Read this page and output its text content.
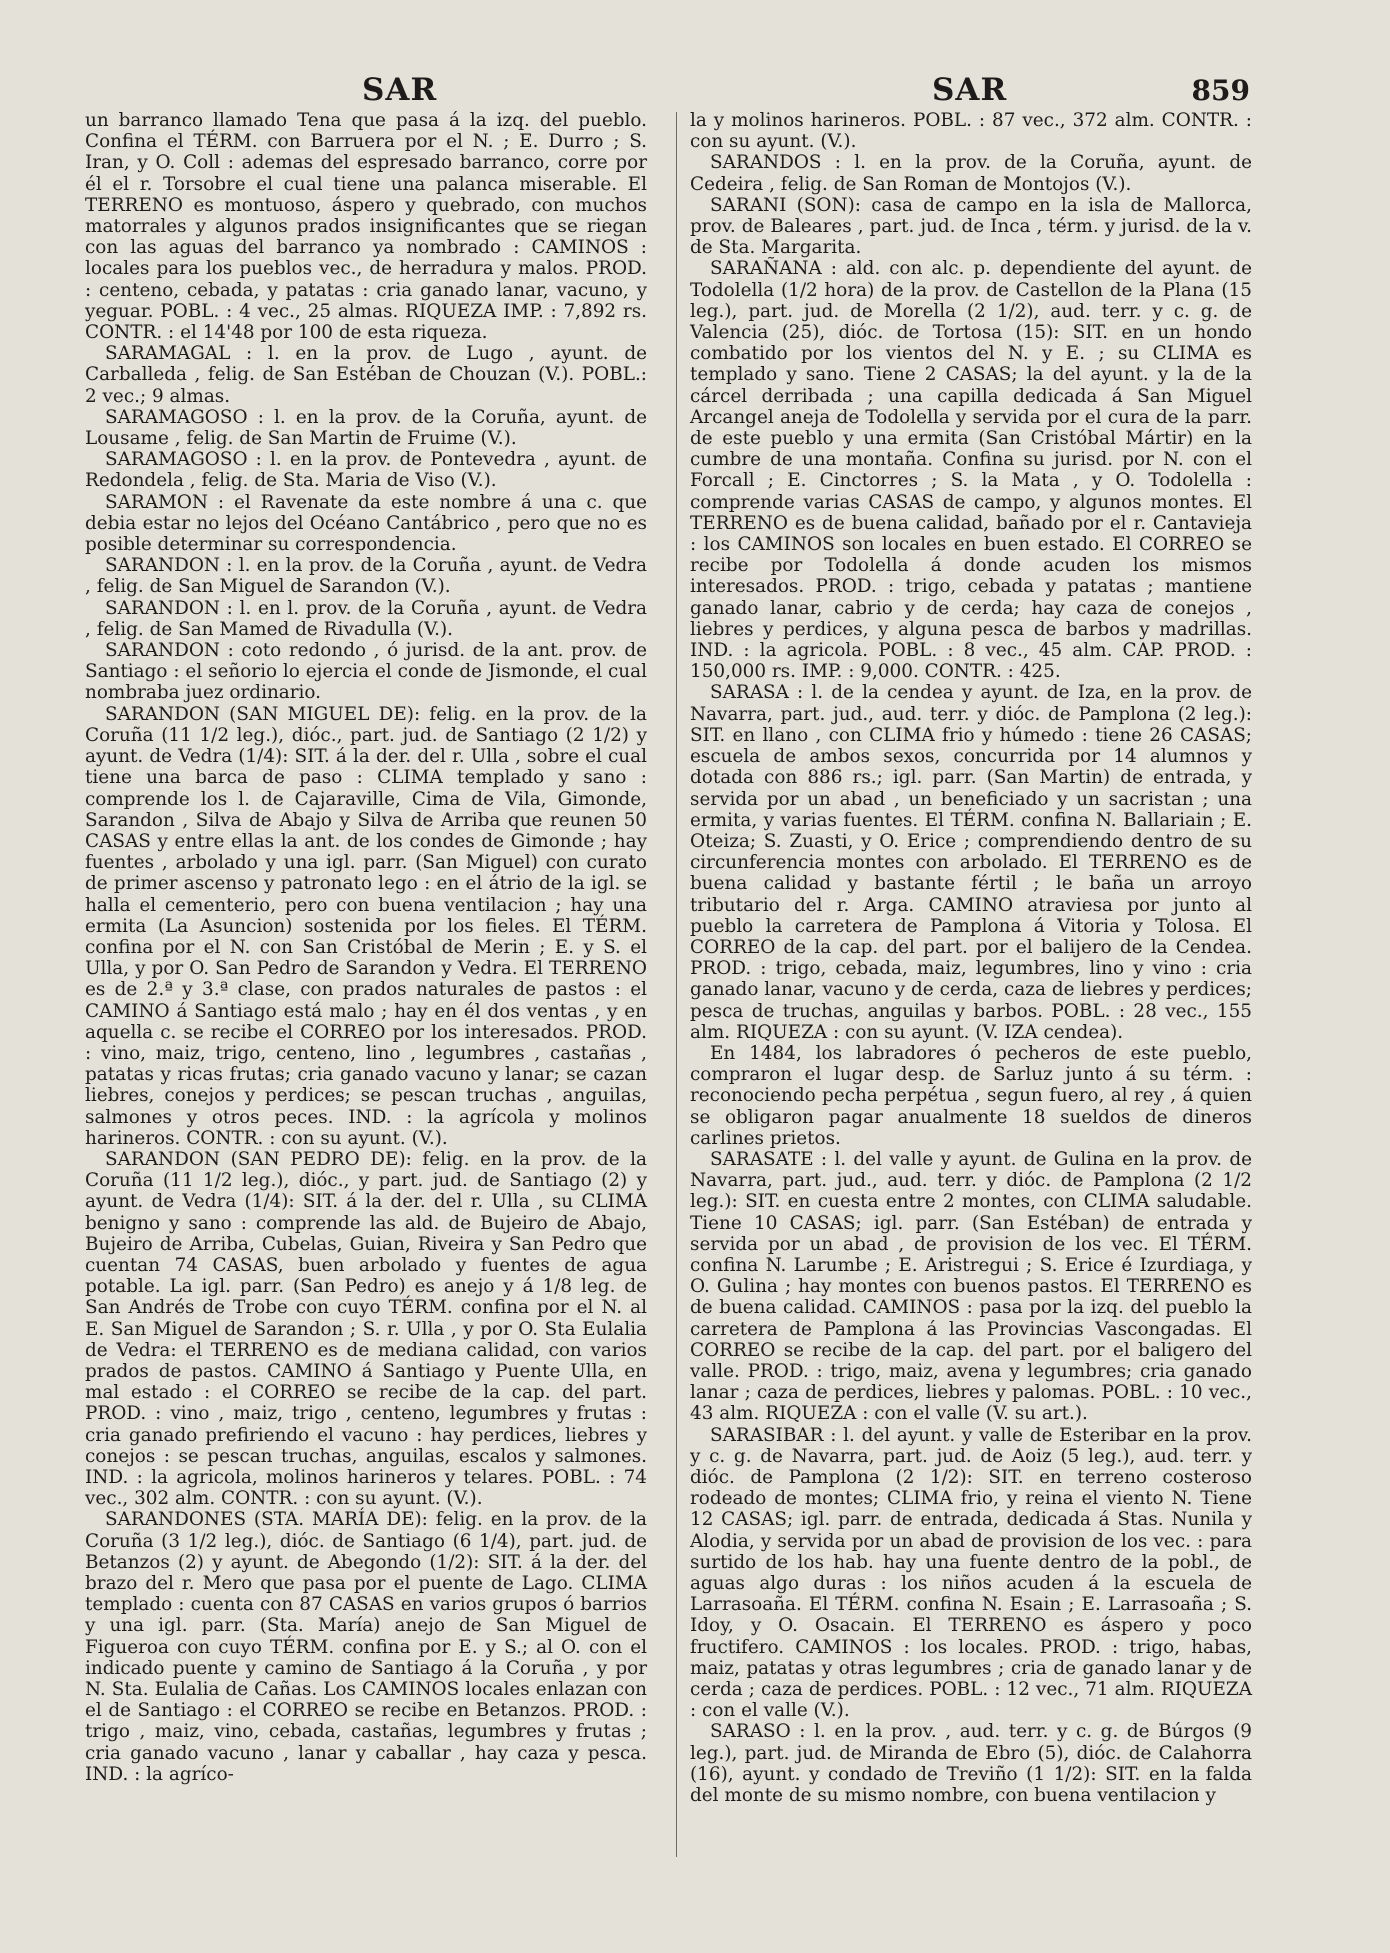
SAR	SAR	859

un barranco llamado Tena que pasa á la izq. del pueblo. Confina el TÉRM. con Barruera por el N. ; E. Durro ; S. Iran, y O. Coll : ademas del espresado barranco, corre por él el r. Torsobre el cual tiene una palanca miserable. El TERRENO es montuoso, áspero y quebrado, con muchos matorrales y algunos prados insignificantes que se riegan con las aguas del barranco ya nombrado : CAMINOS : locales para los pueblos vec., de herradura y malos. PROD. : centeno, cebada, y patatas : cria ganado lanar, vacuno, y yeguar. POBL. : 4 vec., 25 almas. RIQUEZA IMP. : 7,892 rs. CONTR. : el 14'48 por 100 de esta riqueza.

SARAMAGAL : l. en la prov. de Lugo , ayunt. de Carballeda , felig. de San Estéban de Chouzan (V.). POBL.: 2 vec.; 9 almas.

SARAMAGOSO : l. en la prov. de la Coruña, ayunt. de Lousame , felig. de San Martin de Fruime (V.).

SARAMAGOSO : l. en la prov. de Pontevedra , ayunt. de Redondela , felig. de Sta. Maria de Viso (V.).

SARAMON : el Ravenate da este nombre á una c. que debia estar no lejos del Océano Cantábrico , pero que no es posible determinar su correspondencia.

SARANDON : l. en la prov. de la Coruña , ayunt. de Vedra , felig. de San Miguel de Sarandon (V.).

SARANDON : l. en l. prov. de la Coruña , ayunt. de Vedra , felig. de San Mamed de Rivadulla (V.).

SARANDON : coto redondo , ó jurisd. de la ant. prov. de Santiago : el señorio lo ejercia el conde de Jismonde, el cual nombraba juez ordinario.

SARANDON (SAN MIGUEL DE): felig. en la prov. de la Coruña (11 1/2 leg.), dióc., part. jud. de Santiago (2 1/2) y ayunt. de Vedra (1/4): SIT. á la der. del r. Ulla , sobre el cual tiene una barca de paso : CLIMA templado y sano : comprende los l. de Cajaraville, Cima de Vila, Gimonde, Sarandon , Silva de Abajo y Silva de Arriba que reunen 50 CASAS y entre ellas la ant. de los condes de Gimonde ; hay fuentes , arbolado y una igl. parr. (San Miguel) con curato de primer ascenso y patronato lego : en el átrio de la igl. se halla el cementerio, pero con buena ventilacion ; hay una ermita (La Asuncion) sostenida por los fieles. El TÉRM. confina por el N. con San Cristóbal de Merin ; E. y S. el Ulla, y por O. San Pedro de Sarandon y Vedra. El TERRENO es de 2.ª y 3.ª clase, con prados naturales de pastos : el CAMINO á Santiago está malo ; hay en él dos ventas , y en aquella c. se recibe el CORREO por los interesados. PROD. : vino, maiz, trigo, centeno, lino , legumbres , castañas , patatas y ricas frutas; cria ganado vacuno y lanar; se cazan liebres, conejos y perdices; se pescan truchas , anguilas, salmones y otros peces. IND. : la agrícola y molinos harineros. CONTR. : con su ayunt. (V.).

SARANDON (SAN PEDRO DE): felig. en la prov. de la Coruña (11 1/2 leg.), dióc., y part. jud. de Santiago (2) y ayunt. de Vedra (1/4): SIT. á la der. del r. Ulla , su CLIMA benigno y sano : comprende las ald. de Bujeiro de Abajo, Bujeiro de Arriba, Cubelas, Guian, Riveira y San Pedro que cuentan 74 CASAS, buen arbolado y fuentes de agua potable. La igl. parr. (San Pedro) es anejo y á 1/8 leg. de San Andrés de Trobe con cuyo TÉRM. confina por el N. al E. San Miguel de Sarandon ; S. r. Ulla , y por O. Sta Eulalia de Vedra: el TERRENO es de mediana calidad, con varios prados de pastos. CAMINO á Santiago y Puente Ulla, en mal estado : el CORREO se recibe de la cap. del part. PROD. : vino , maiz, trigo , centeno, legumbres y frutas : cria ganado prefiriendo el vacuno : hay perdices, liebres y conejos : se pescan truchas, anguilas, escalos y salmones. IND. : la agricola, molinos harineros y telares. POBL. : 74 vec., 302 alm. CONTR. : con su ayunt. (V.).

SARANDONES (STA. MARÍA DE): felig. en la prov. de la Coruña (3 1/2 leg.), dióc. de Santiago (6 1/4), part. jud. de Betanzos (2) y ayunt. de Abegondo (1/2): SIT. á la der. del brazo del r. Mero que pasa por el puente de Lago. CLIMA templado : cuenta con 87 CASAS en varios grupos ó barrios y una igl. parr. (Sta. María) anejo de San Miguel de Figueroa con cuyo TÉRM. confina por E. y S.; al O. con el indicado puente y camino de Santiago á la Coruña , y por N. Sta. Eulalia de Cañas. Los CAMINOS locales enlazan con el de Santiago : el CORREO se recibe en Betanzos. PROD. : trigo , maiz, vino, cebada, castañas, legumbres y frutas ; cria ganado vacuno , lanar y caballar , hay caza y pesca. IND. : la agríco-

la y molinos harineros. POBL. : 87 vec., 372 alm. CONTR. : con su ayunt. (V.).

SARANDOS : l. en la prov. de la Coruña, ayunt. de Cedeira , felig. de San Roman de Montojos (V.).

SARANI (SON): casa de campo en la isla de Mallorca, prov. de Baleares , part. jud. de Inca , térm. y jurisd. de la v. de Sta. Margarita.

SARAÑANA : ald. con alc. p. dependiente del ayunt. de Todolella (1/2 hora) de la prov. de Castellon de la Plana (15 leg.), part. jud. de Morella (2 1/2), aud. terr. y c. g. de Valencia (25), dióc. de Tortosa (15): SIT. en un hondo combatido por los vientos del N. y E. ; su CLIMA es templado y sano. Tiene 2 CASAS; la del ayunt. y la de la cárcel derribada ; una capilla dedicada á San Miguel Arcangel aneja de Todolella y servida por el cura de la parr. de este pueblo y una ermita (San Cristóbal Mártir) en la cumbre de una montaña. Confina su jurisd. por N. con el Forcall ; E. Cinctorres ; S. la Mata , y O. Todolella : comprende varias CASAS de campo, y algunos montes. El TERRENO es de buena calidad, bañado por el r. Cantavieja : los CAMINOS son locales en buen estado. El CORREO se recibe por Todolella á donde acuden los mismos interesados. PROD. : trigo, cebada y patatas ; mantiene ganado lanar, cabrio y de cerda; hay caza de conejos , liebres y perdices, y alguna pesca de barbos y madrillas. IND. : la agricola. POBL. : 8 vec., 45 alm. CAP. PROD. : 150,000 rs. IMP. : 9,000. CONTR. : 425.

SARASA : l. de la cendea y ayunt. de Iza, en la prov. de Navarra, part. jud., aud. terr. y dióc. de Pamplona (2 leg.): SIT. en llano , con CLIMA frio y húmedo : tiene 26 CASAS; escuela de ambos sexos, concurrida por 14 alumnos y dotada con 886 rs.; igl. parr. (San Martin) de entrada, y servida por un abad , un beneficiado y un sacristan ; una ermita, y varias fuentes. El TÉRM. confina N. Ballariain ; E. Oteiza; S. Zuasti, y O. Erice ; comprendiendo dentro de su circunferencia montes con arbolado. El TERRENO es de buena calidad y bastante fértil ; le baña un arroyo tributario del r. Arga. CAMINO atraviesa por junto al pueblo la carretera de Pamplona á Vitoria y Tolosa. El CORREO de la cap. del part. por el balijero de la Cendea. PROD. : trigo, cebada, maiz, legumbres, lino y vino : cria ganado lanar, vacuno y de cerda, caza de liebres y perdices; pesca de truchas, anguilas y barbos. POBL. : 28 vec., 155 alm. RIQUEZA : con su ayunt. (V. IZA cendea).

En 1484, los labradores ó pecheros de este pueblo, compraron el lugar desp. de Sarluz junto á su térm. : reconociendo pecha perpétua , segun fuero, al rey , á quien se obligaron pagar anualmente 18 sueldos de dineros carlines prietos.

SARASATE : l. del valle y ayunt. de Gulina en la prov. de Navarra, part. jud., aud. terr. y dióc. de Pamplona (2 1/2 leg.): SIT. en cuesta entre 2 montes, con CLIMA saludable. Tiene 10 CASAS; igl. parr. (San Estéban) de entrada y servida por un abad , de provision de los vec. El TÉRM. confina N. Larumbe ; E. Aristregui ; S. Erice é Izurdiaga, y O. Gulina ; hay montes con buenos pastos. El TERRENO es de buena calidad. CAMINOS : pasa por la izq. del pueblo la carretera de Pamplona á las Provincias Vascongadas. El CORREO se recibe de la cap. del part. por el baligero del valle. PROD. : trigo, maiz, avena y legumbres; cria ganado lanar ; caza de perdices, liebres y palomas. POBL. : 10 vec., 43 alm. RIQUEZA : con el valle (V. su art.).

SARASIBAR : l. del ayunt. y valle de Esteribar en la prov. y c. g. de Navarra, part. jud. de Aoiz (5 leg.), aud. terr. y dióc. de Pamplona (2 1/2): SIT. en terreno costeroso rodeado de montes; CLIMA frio, y reina el viento N. Tiene 12 CASAS; igl. parr. de entrada, dedicada á Stas. Nunila y Alodia, y servida por un abad de provision de los vec. : para surtido de los hab. hay una fuente dentro de la pobl., de aguas algo duras : los niños acuden á la escuela de Larrasoaña. El TÉRM. confina N. Esain ; E. Larrasoaña ; S. Idoy, y O. Osacain. El TERRENO es áspero y poco fructifero. CAMINOS : los locales. PROD. : trigo, habas, maiz, patatas y otras legumbres ; cria de ganado lanar y de cerda ; caza de perdices. POBL. : 12 vec., 71 alm. RIQUEZA : con el valle (V.).

SARASO : l. en la prov. , aud. terr. y c. g. de Búrgos (9 leg.), part. jud. de Miranda de Ebro (5), dióc. de Calahorra (16), ayunt. y condado de Treviño (1 1/2): SIT. en la falda del monte de su mismo nombre, con buena ventilacion y
